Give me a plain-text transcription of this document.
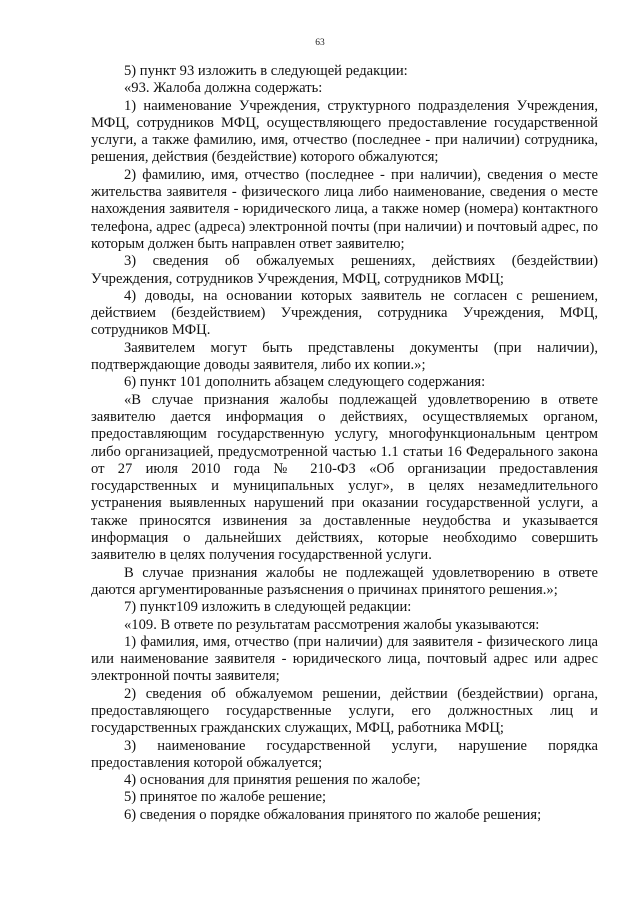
63

5) пункт 93 изложить в следующей редакции:

«93. Жалоба должна содержать:

1) наименование Учреждения, структурного подразделения Учреждения, МФЦ, сотрудников МФЦ, осуществляющего предоставление государственной услуги, а также фамилию, имя, отчество (последнее - при наличии) сотрудника, решения, действия (бездействие) которого обжалуются;

2) фамилию, имя, отчество (последнее - при наличии), сведения о месте жительства заявителя - физического лица либо наименование, сведения о месте нахождения заявителя - юридического лица, а также номер (номера) контактного телефона, адрес (адреса) электронной почты (при наличии) и почтовый адрес, по которым должен быть направлен ответ заявителю;

3) сведения об обжалуемых решениях, действиях (бездействии) Учреждения, сотрудников Учреждения, МФЦ, сотрудников МФЦ;

4) доводы, на основании которых заявитель не согласен с решением, действием (бездействием) Учреждения, сотрудника Учреждения, МФЦ, сотрудников МФЦ.

Заявителем могут быть представлены документы (при наличии), подтверждающие доводы заявителя, либо их копии.»;

6) пункт 101 дополнить абзацем следующего содержания:

«В случае признания жалобы подлежащей удовлетворению в ответе заявителю дается информация о действиях, осуществляемых органом, предоставляющим государственную услугу, многофункциональным центром либо организацией, предусмотренной частью 1.1 статьи 16 Федерального закона от 27 июля 2010 года № 210-ФЗ «Об организации предоставления государственных и муниципальных услуг», в целях незамедлительного устранения выявленных нарушений при оказании государственной услуги, а также приносятся извинения за доставленные неудобства и указывается информация о дальнейших действиях, которые необходимо совершить заявителю в целях получения государственной услуги.

В случае признания жалобы не подлежащей удовлетворению в ответе даются аргументированные разъяснения о причинах принятого решения.»;

7) пункт109 изложить в следующей редакции:

«109. В ответе по результатам рассмотрения жалобы указываются:

1) фамилия, имя, отчество (при наличии) для заявителя - физического лица или наименование заявителя - юридического лица, почтовый адрес или адрес электронной почты заявителя;

2) сведения об обжалуемом решении, действии (бездействии) органа, предоставляющего государственные услуги, его должностных лиц и государственных гражданских служащих, МФЦ, работника МФЦ;

3) наименование государственной услуги, нарушение порядка предоставления которой обжалуется;

4) основания для принятия решения по жалобе;

5) принятое по жалобе решение;

6) сведения о порядке обжалования принятого по жалобе решения;
